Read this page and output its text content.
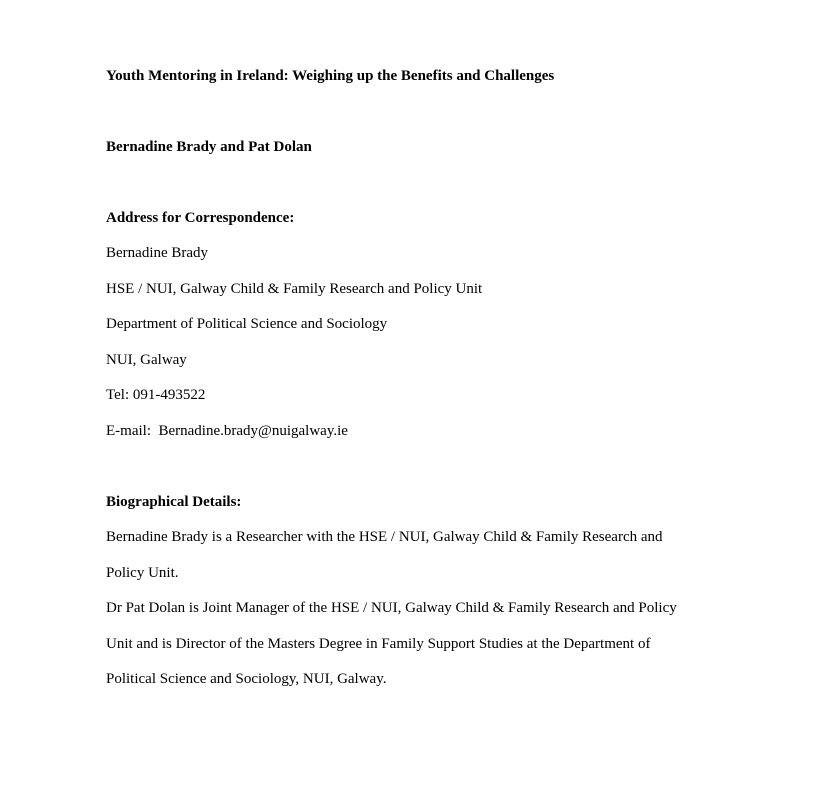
Youth Mentoring in Ireland: Weighing up the Benefits and Challenges
Bernadine Brady and Pat Dolan
Address for Correspondence:
Bernadine Brady
HSE / NUI, Galway Child & Family Research and Policy Unit
Department of Political Science and Sociology
NUI, Galway
Tel: 091-493522
E-mail:  Bernadine.brady@nuigalway.ie
Biographical Details:
Bernadine Brady is a Researcher with the HSE / NUI, Galway Child & Family Research and
Policy Unit.
Dr Pat Dolan is Joint Manager of the HSE / NUI, Galway Child & Family Research and Policy
Unit and is Director of the Masters Degree in Family Support Studies at the Department of
Political Science and Sociology, NUI, Galway.
